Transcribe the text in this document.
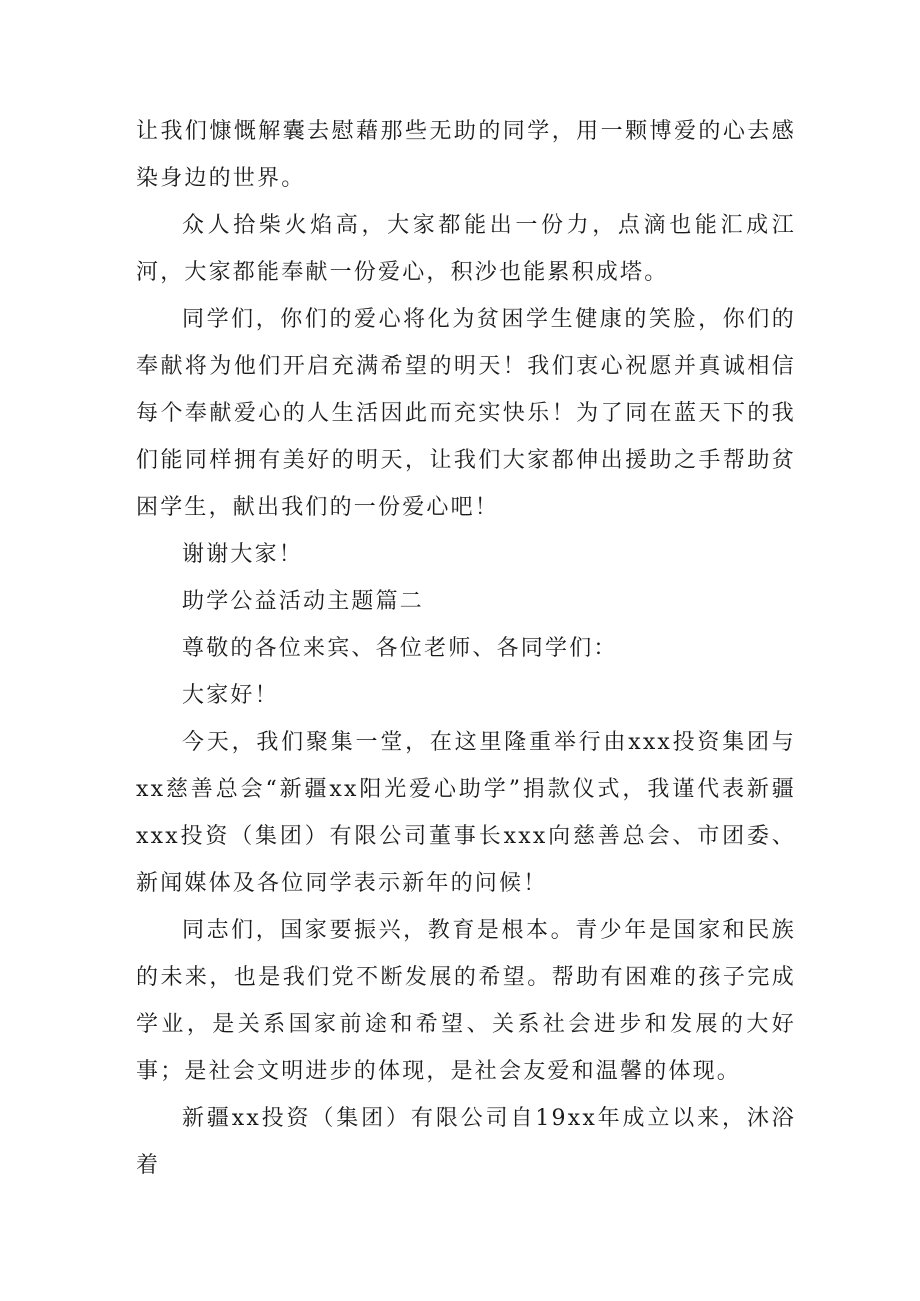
让我们慷慨解囊去慰藉那些无助的同学，用一颗博爱的心去感染身边的世界。

众人拾柴火焰高，大家都能出一份力，点滴也能汇成江河，大家都能奉献一份爱心，积沙也能累积成塔。

同学们，你们的爱心将化为贫困学生健康的笑脸，你们的奉献将为他们开启充满希望的明天！我们衷心祝愿并真诚相信每个奉献爱心的人生活因此而充实快乐！为了同在蓝天下的我们能同样拥有美好的明天，让我们大家都伸出援助之手帮助贫困学生，献出我们的一份爱心吧！

谢谢大家！

助学公益活动主题篇二

尊敬的各位来宾、各位老师、各同学们：

大家好！

今天，我们聚集一堂，在这里隆重举行由xxx投资集团与xx慈善总会“新疆xx阳光爱心助学”捐款仪式，我谨代表新疆xxx投资（集团）有限公司董事长xxx向慈善总会、市团委、新闻媒体及各位同学表示新年的问候！

同志们，国家要振兴，教育是根本。青少年是国家和民族的未来，也是我们党不断发展的希望。帮助有困难的孩子完成学业，是关系国家前途和希望、关系社会进步和发展的大好事；是社会文明进步的体现，是社会友爱和温馨的体现。

新疆xx投资（集团）有限公司自19xx年成立以来，沐浴着
